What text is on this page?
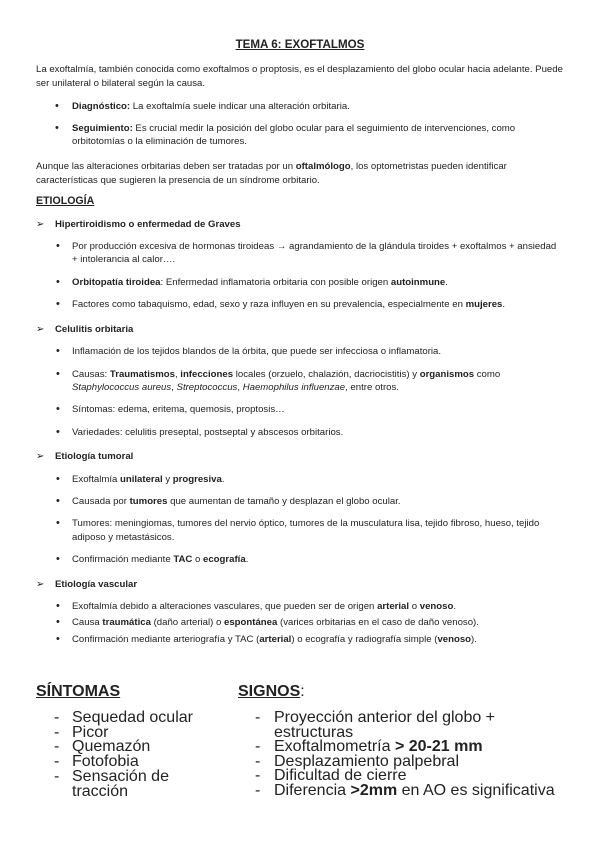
TEMA 6: EXOFTALMOS

La exoftalmía, también conocida como exoftalmos o proptosis, es el desplazamiento del globo ocular hacia adelante. Puede ser unilateral o bilateral según la causa.

• Diagnóstico: La exoftalmía suele indicar una alteración orbitaria.
• Seguimiento: Es crucial medir la posición del globo ocular para el seguimiento de intervenciones, como orbitotomías o la eliminación de tumores.

Aunque las alteraciones orbitarias deben ser tratadas por un oftalmólogo, los optometristas pueden identificar características que sugieren la presencia de un síndrome orbitario.

ETIOLOGÍA
➢ Hipertiroidismo o enfermedad de Graves
• Por producción excesiva de hormonas tiroideas → agrandamiento de la glándula tiroides + exoftalmos + ansiedad + intolerancia al calor….
• Orbitopatía tiroidea: Enfermedad inflamatoria orbitaria con posible origen autoinmune.
• Factores como tabaquismo, edad, sexo y raza influyen en su prevalencia, especialmente en mujeres.
➢ Celulitis orbitaria
• Inflamación de los tejidos blandos de la órbita, que puede ser infecciosa o inflamatoria.
• Causas: Traumatismos, infecciones locales (orzuelo, chalazión, dacriocistitis) y organismos como Staphylococcus aureus, Streptococcus, Haemophilus influenzae, entre otros.
• Síntomas: edema, eritema, quemosis, proptosis…
• Variedades: celulitis preseptal, postseptal y abscesos orbitarios.
➢ Etiología tumoral
• Exoftalmía unilateral y progresiva.
• Causada por tumores que aumentan de tamaño y desplazan el globo ocular.
• Tumores: meningiomas, tumores del nervio óptico, tumores de la musculatura lisa, tejido fibroso, hueso, tejido adiposo y metastásicos.
• Confirmación mediante TAC o ecografía.
➢ Etiología vascular
• Exoftalmía debido a alteraciones vasculares, que pueden ser de origen arterial o venoso.
• Causa traumática (daño arterial) o espontánea (varices orbitarias en el caso de daño venoso).
• Confirmación mediante arteriografía y TAC (arterial) o ecografía y radiografía simple (venoso).
SÍNTOMAS
- Sequedad ocular
- Picor
- Quemazón
- Fotofobia
- Sensación de tracción
SIGNOS:
- Proyección anterior del globo + estructuras
- Exoftalmometría > 20-21 mm
- Desplazamiento palpebral
- Dificultad de cierre
- Diferencia >2mm en AO es significativa
